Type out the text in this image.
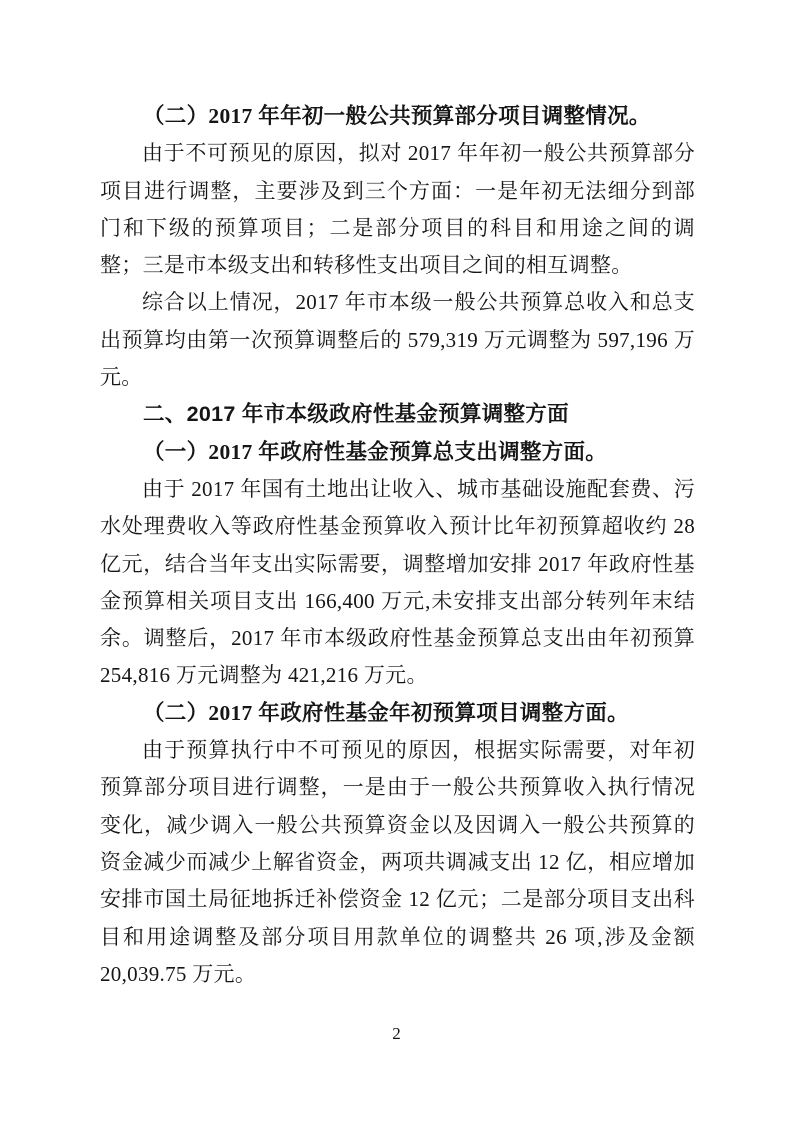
（二）2017 年年初一般公共预算部分项目调整情况。

由于不可预见的原因，拟对 2017 年年初一般公共预算部分项目进行调整，主要涉及到三个方面：一是年初无法细分到部门和下级的预算项目；二是部分项目的科目和用途之间的调整；三是市本级支出和转移性支出项目之间的相互调整。

综合以上情况，2017 年市本级一般公共预算总收入和总支出预算均由第一次预算调整后的 579,319 万元调整为 597,196 万元。

二、2017 年市本级政府性基金预算调整方面
（一）2017 年政府性基金预算总支出调整方面。

由于 2017 年国有土地出让收入、城市基础设施配套费、污水处理费收入等政府性基金预算收入预计比年初预算超收约 28 亿元，结合当年支出实际需要，调整增加安排 2017 年政府性基金预算相关项目支出 166,400 万元,未安排支出部分转列年末结余。调整后，2017 年市本级政府性基金预算总支出由年初预算 254,816 万元调整为 421,216 万元。

（二）2017 年政府性基金年初预算项目调整方面。

由于预算执行中不可预见的原因，根据实际需要，对年初预算部分项目进行调整，一是由于一般公共预算收入执行情况变化，减少调入一般公共预算资金以及因调入一般公共预算的资金减少而减少上解省资金，两项共调减支出 12 亿，相应增加安排市国土局征地拆迁补偿资金 12 亿元；二是部分项目支出科目和用途调整及部分项目用款单位的调整共 26 项,涉及金额 20,039.75 万元。

2
